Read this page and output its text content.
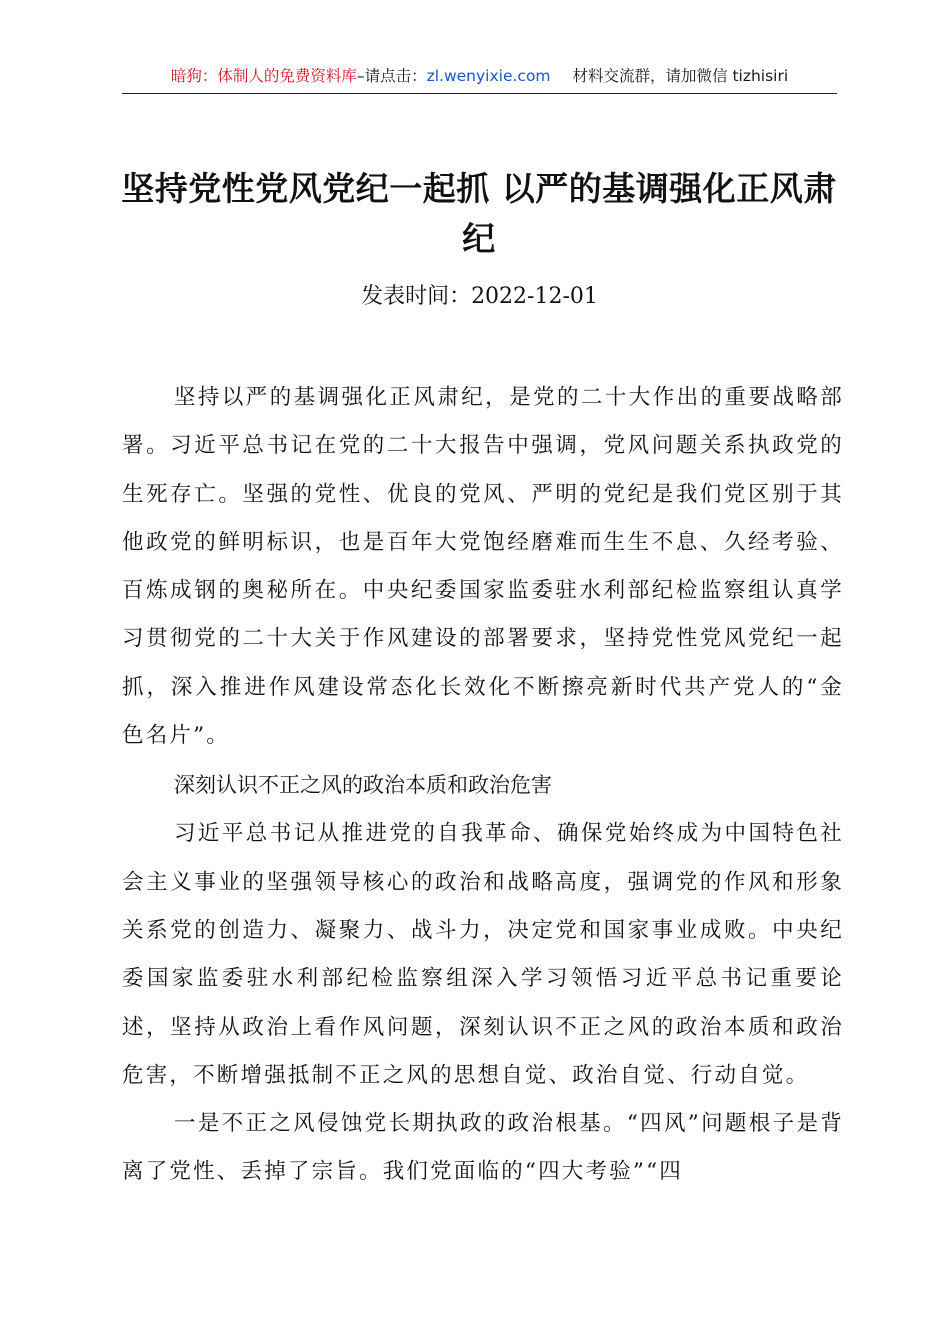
暗狗：体制人的免费资料库–请点击：zl.wenyixie.com 材料交流群，请加微信 tizhisiri
坚持党性党风党纪一起抓 以严的基调强化正风肃纪
发表时间：2022-12-01

坚持以严的基调强化正风肃纪，是党的二十大作出的重要战略部署。习近平总书记在党的二十大报告中强调，党风问题关系执政党的生死存亡。坚强的党性、优良的党风、严明的党纪是我们党区别于其他政党的鲜明标识，也是百年大党饱经磨难而生生不息、久经考验、百炼成钢的奥秘所在。中央纪委国家监委驻水利部纪检监察组认真学习贯彻党的二十大关于作风建设的部署要求，坚持党性党风党纪一起抓，深入推进作风建设常态化长效化不断擦亮新时代共产党人的“金色名片”。

深刻认识不正之风的政治本质和政治危害

习近平总书记从推进党的自我革命、确保党始终成为中国特色社会主义事业的坚强领导核心的政治和战略高度，强调党的作风和形象关系党的创造力、凝聚力、战斗力，决定党和国家事业成败。中央纪委国家监委驻水利部纪检监察组深入学习领悟习近平总书记重要论述，坚持从政治上看作风问题，深刻认识不正之风的政治本质和政治危害，不断增强抵制不正之风的思想自觉、政治自觉、行动自觉。

一是不正之风侵蚀党长期执政的政治根基。“四风”问题根子是背离了党性、丢掉了宗旨。我们党面临的“四大考验”“四
